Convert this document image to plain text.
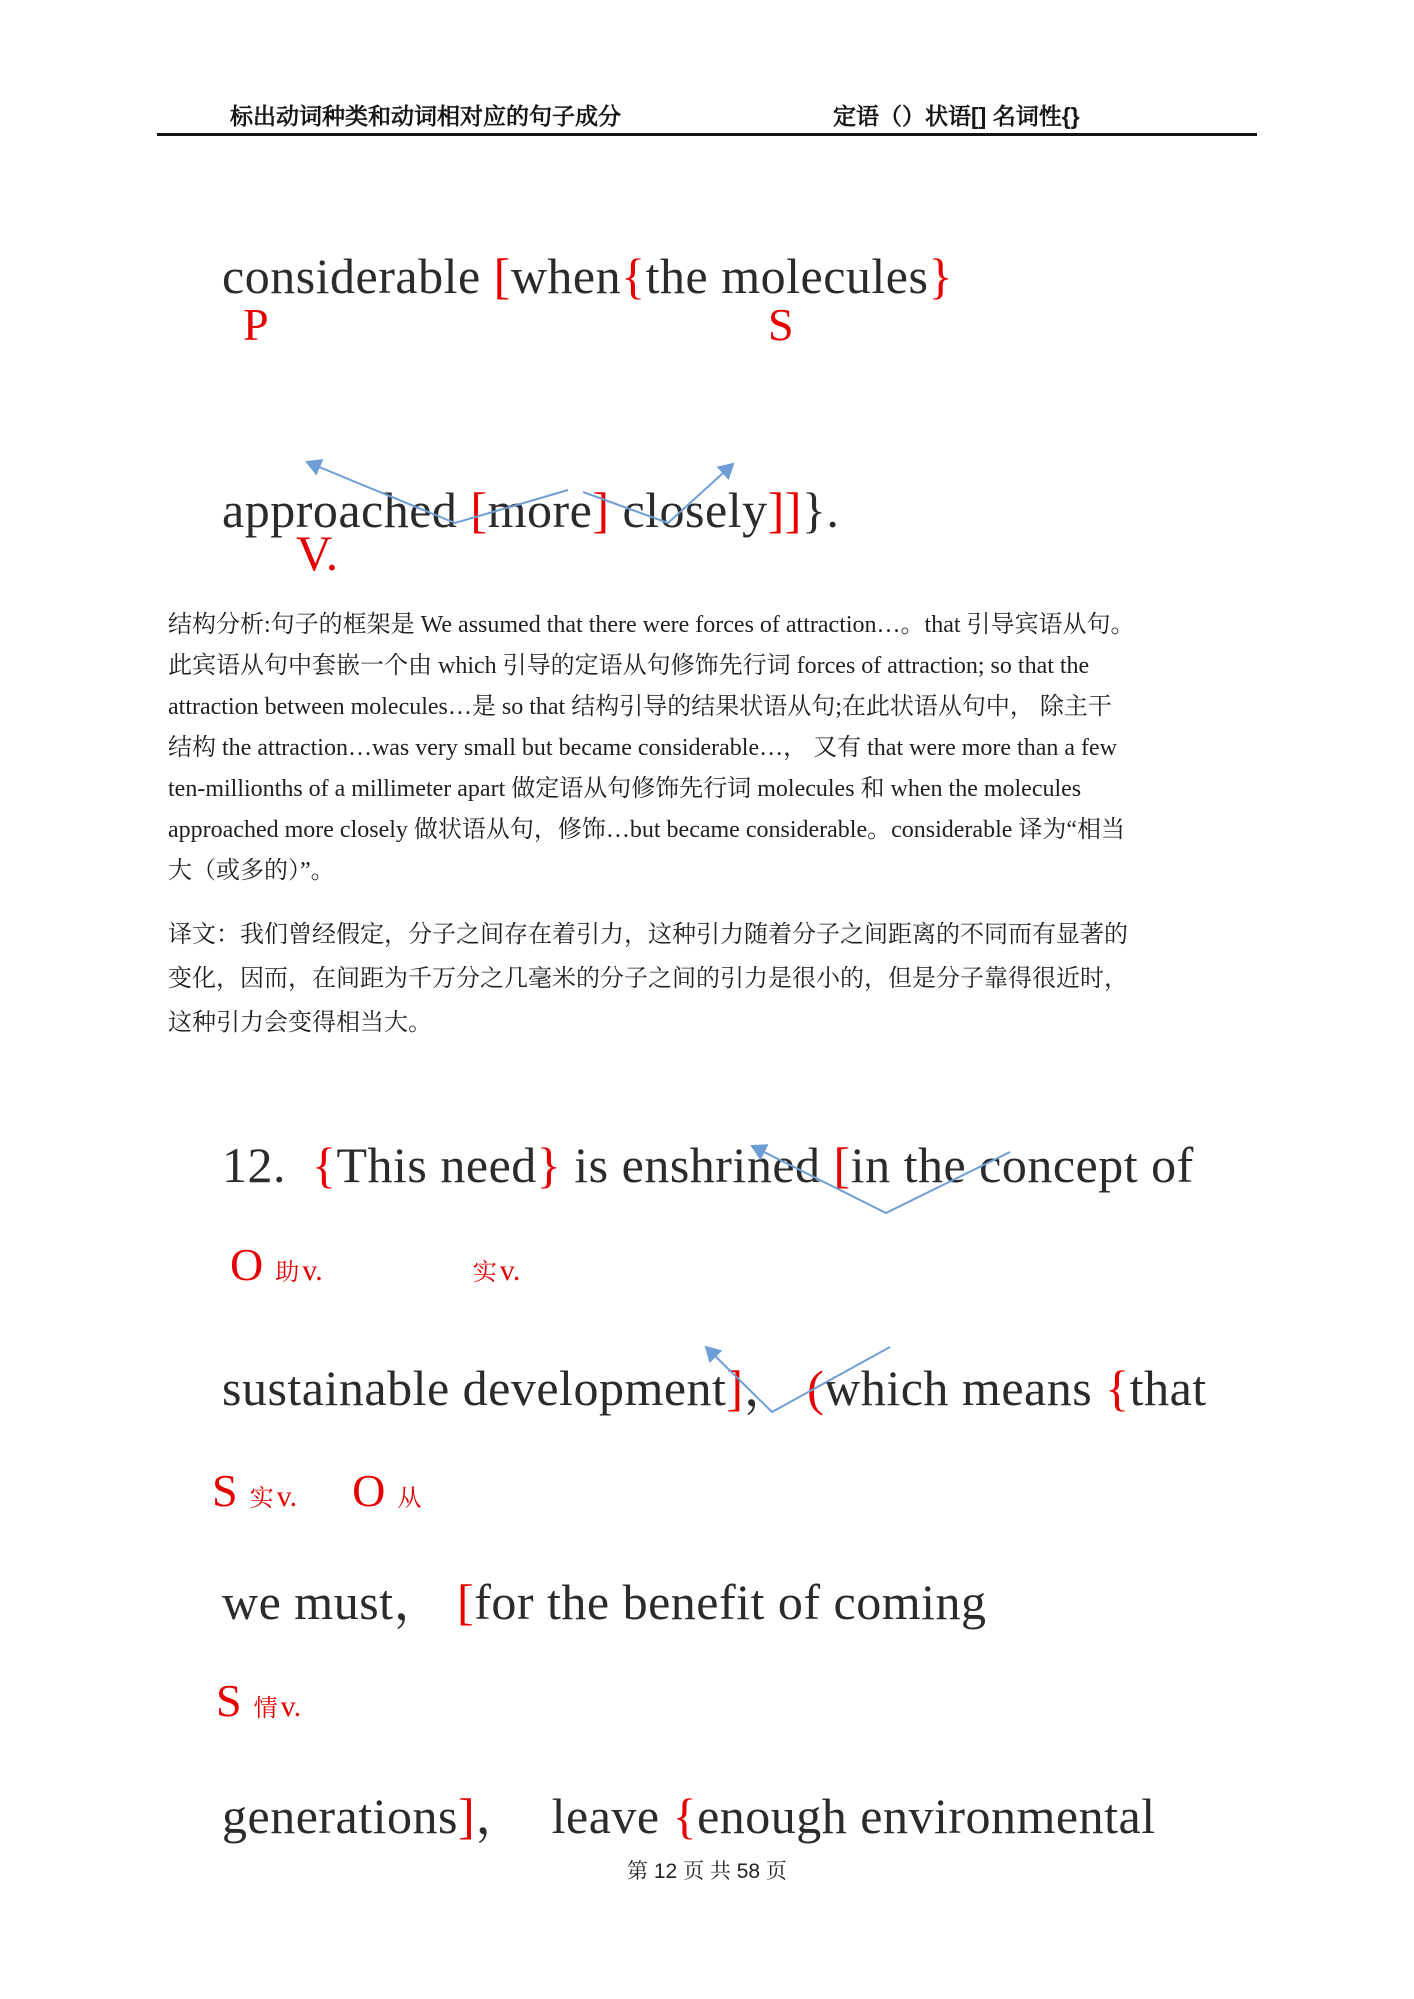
标出动词种类和动词相对应的句子成分	定语（）状语[] 名词性{}

considerable [when{the molecules}

P	S

approached [more] closely]]}.

V.
结构分析:句子的框架是 We assumed that there were forces of attraction…。that 引导宾语从句。
此宾语从句中套嵌一个由 which 引导的定语从句修饰先行词 forces of attraction; so that the
attraction between molecules…是 so that 结构引导的结果状语从句;在此状语从句中， 除主干
结构 the attraction…was very small but became considerable…， 又有 that were more than a few
ten-millionths of a millimeter apart 做定语从句修饰先行词 molecules 和 when the molecules
approached more closely 做状语从句，修饰…but became considerable。considerable 译为“相当
大（或多的）”。
译文：我们曾经假定，分子之间存在着引力，这种引力随着分子之间距离的不同而有显著的
变化，因而，在间距为千万分之几毫米的分子之间的引力是很小的，但是分子靠得很近时，
这种引力会变得相当大。

12.  {This need} is enshrined [in the concept of

O助 v.	实 v.

sustainable development]， (which means {that

S实 v. O 从

we must， [for the benefit of coming

S情 v.

generations]，  leave {enough environmental

第 12 页 共 58 页
